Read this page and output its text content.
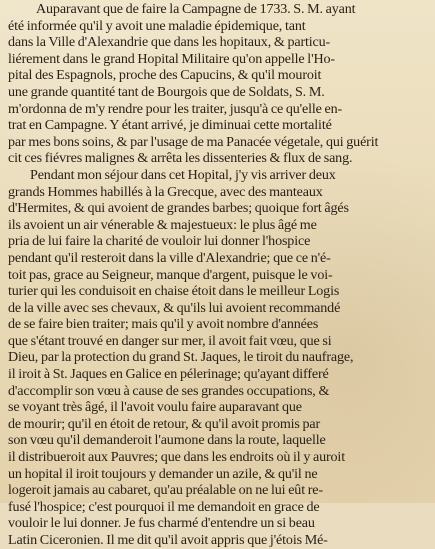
Auparavant que de faire la Campagne de 1733. S. M. ayant
été informée qu'il y avoit une maladie épidemique, tant
dans la Ville d'Alexandrie que dans les hopitaux, & particu-
liérement dans le grand Hopital Militaire qu'on appelle l'Ho-
pital des Espagnols, proche des Capucins, & qu'il mouroit
une grande quantité tant de Bourgois que de Soldats, S. M.
m'ordonna de m'y rendre pour les traiter, jusqu'à ce qu'elle en-
trat en Campagne. Y étant arrivé, je diminuai cette mortalité
par mes bons soins, & par l'usage de ma Panacée végetale, qui guérit
cit ces fiévres malignes & arrêta les dissenteries & flux de sang.
Pendant mon séjour dans cet Hopital, j'y vis arriver deux
grands Hommes habillés à la Grecque, avec des manteaux
d'Hermites, & qui avoient de grandes barbes; quoique fort âgés
ils avoient un air vénerable & majestueux: le plus âgé me
pria de lui faire la charité de vouloir lui donner l'hospice
pendant qu'il resteroit dans la ville d'Alexandrie; que ce n'é-
toit pas, grace au Seigneur, manque d'argent, puisque le voi-
turier qui les conduisoit en chaise étoit dans le meilleur Logis
de la ville avec ses chevaux, & qu'ils lui avoient recommandé
de se faire bien traiter; mais qu'il y avoit nombre d'années
que s'étant trouvé en danger sur mer, il avoit fait vœu, que si
Dieu, par la protection du grand St. Jaques, le tiroit du naufrage,
il iroit à St. Jaques en Galice en pélerinage; qu'ayant differé
d'accomplir son vœu à cause de ses grandes occupations, &
se voyant très âgé, il l'avoit voulu faire auparavant que
de mourir; qu'il en étoit de retour, & qu'il avoit promis par
son vœu qu'il demanderoit l'aumone dans la route, laquelle
il distribueroit aux Pauvres; que dans les endroits où il y auroit
un hopital il iroit toujours y demander un azile, & qu'il ne
logeroit jamais au cabaret, qu'au préalable on ne lui eût re-
fusé l'hospice; c'est pourquoi il me demandoit en grace de
vouloir le lui donner. Je fus charmé d'entendre un si beau
Latin Ciceronien. Il me dit qu'il avoit appris que j'étois Mé-
